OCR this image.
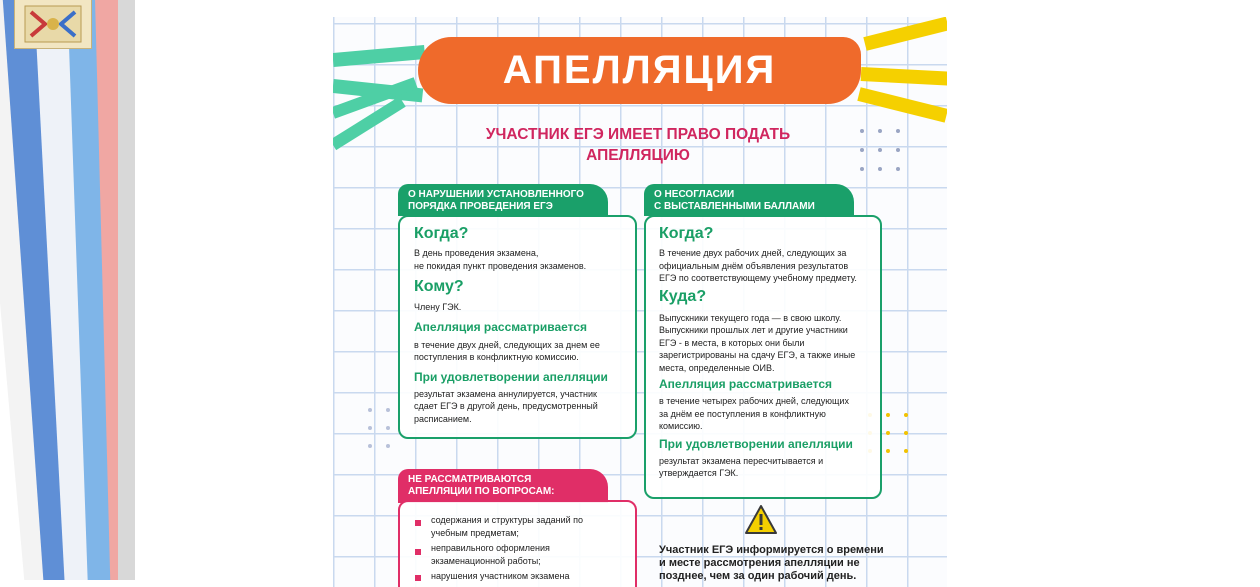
АПЕЛЛЯЦИЯ
УЧАСТНИК ЕГЭ ИМЕЕТ ПРАВО ПОДАТЬ
АПЕЛЛЯЦИЮ
О НАРУШЕНИИ УСТАНОВЛЕННОГО
ПОРЯДКА ПРОВЕДЕНИЯ ЕГЭ
Когда?
В день проведения экзамена,
не покидая пункт проведения экзаменов.
Кому?
Члену ГЭК.
Апелляция рассматривается
в течение двух дней, следующих за днем ее
поступления в конфликтную комиссию.
При удовлетворении апелляции
результат экзамена аннулируется, участник
сдает ЕГЭ в другой день, предусмотренный
расписанием.
О НЕСОГЛАСИИ
С ВЫСТАВЛЕННЫМИ БАЛЛАМИ
Когда?
В течение двух рабочих дней, следующих за
официальным днём объявления результатов
ЕГЭ по соответствующему учебному предмету.
Куда?
Выпускники текущего года — в свою школу.
Выпускники прошлых лет и другие участники
ЕГЭ - в места, в которых они были
зарегистрированы на сдачу ЕГЭ, а также иные
места, определенные ОИВ.
Апелляция рассматривается
в течение четырех рабочих дней, следующих
за днём ее поступления в конфликтную
комиссию.
При удовлетворении апелляции
результат экзамена пересчитывается и
утверждается ГЭК.
НЕ РАССМАТРИВАЮТСЯ
АПЕЛЛЯЦИИ ПО ВОПРОСАМ:
содержания и структуры заданий по
учебным предметам;
неправильного оформления
экзаменационной работы;
нарушения участником экзамена
Участник ЕГЭ информируется о времени
и месте рассмотрения апелляции не
позднее, чем за один рабочий день.
